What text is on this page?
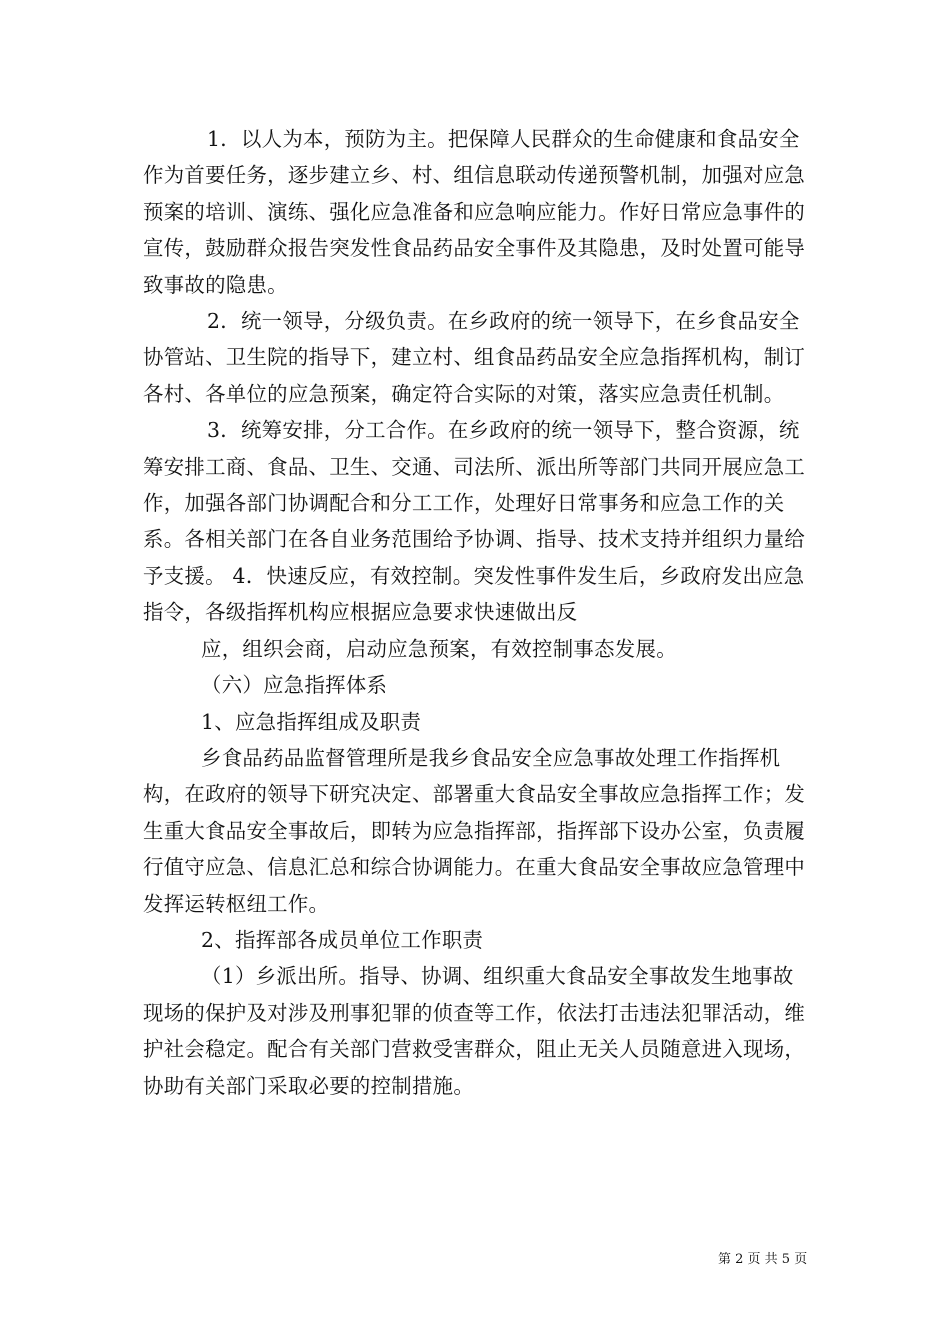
1．以人为本，预防为主。把保障人民群众的生命健康和食品安全作为首要任务，逐步建立乡、村、组信息联动传递预警机制，加强对应急预案的培训、演练、强化应急准备和应急响应能力。作好日常应急事件的宣传，鼓励群众报告突发性食品药品安全事件及其隐患，及时处置可能导致事故的隐患。

2．统一领导，分级负责。在乡政府的统一领导下，在乡食品安全协管站、卫生院的指导下，建立村、组食品药品安全应急指挥机构，制订各村、各单位的应急预案，确定符合实际的对策，落实应急责任机制。

3．统筹安排，分工合作。在乡政府的统一领导下，整合资源，统筹安排工商、食品、卫生、交通、司法所、派出所等部门共同开展应急工作，加强各部门协调配合和分工工作，处理好日常事务和应急工作的关系。各相关部门在各自业务范围给予协调、指导、技术支持并组织力量给予支援。 4．快速反应，有效控制。突发性事件发生后，乡政府发出应急指令，各级指挥机构应根据应急要求快速做出反

应，组织会商，启动应急预案，有效控制事态发展。

（六）应急指挥体系

1、应急指挥组成及职责

乡食品药品监督管理所是我乡食品安全应急事故处理工作指挥机构，在政府的领导下研究决定、部署重大食品安全事故应急指挥工作；发生重大食品安全事故后，即转为应急指挥部，指挥部下设办公室，负责履行值守应急、信息汇总和综合协调能力。在重大食品安全事故应急管理中发挥运转枢纽工作。

2、指挥部各成员单位工作职责

（1）乡派出所。指导、协调、组织重大食品安全事故发生地事故现场的保护及对涉及刑事犯罪的侦查等工作，依法打击违法犯罪活动，维护社会稳定。配合有关部门营救受害群众，阻止无关人员随意进入现场，协助有关部门采取必要的控制措施。

第 2 页 共 5 页
